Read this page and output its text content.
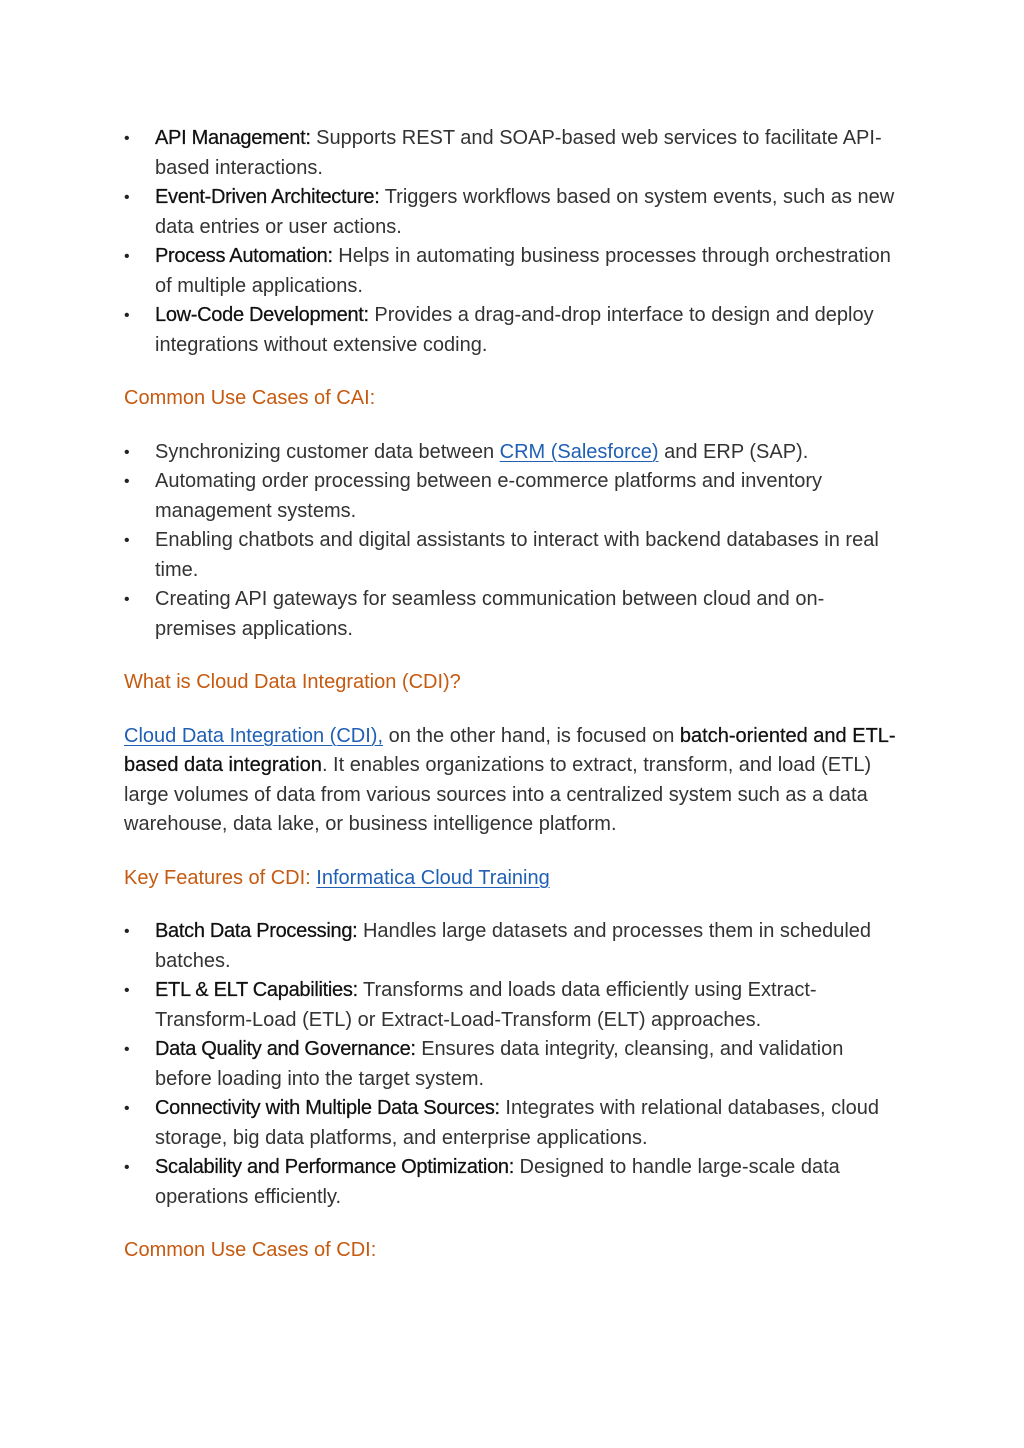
• API Management: Supports REST and SOAP-based web services to facilitate API-based interactions.
• Event-Driven Architecture: Triggers workflows based on system events, such as new data entries or user actions.
• Process Automation: Helps in automating business processes through orchestration of multiple applications.
• Low-Code Development: Provides a drag-and-drop interface to design and deploy integrations without extensive coding.
Common Use Cases of CAI:
• Synchronizing customer data between CRM (Salesforce) and ERP (SAP).
• Automating order processing between e-commerce platforms and inventory management systems.
• Enabling chatbots and digital assistants to interact with backend databases in real time.
• Creating API gateways for seamless communication between cloud and on-premises applications.
What is Cloud Data Integration (CDI)?

Cloud Data Integration (CDI), on the other hand, is focused on batch-oriented and ETL-based data integration. It enables organizations to extract, transform, and load (ETL) large volumes of data from various sources into a centralized system such as a data warehouse, data lake, or business intelligence platform.

Key Features of CDI: Informatica Cloud Training
• Batch Data Processing: Handles large datasets and processes them in scheduled batches.
• ETL & ELT Capabilities: Transforms and loads data efficiently using Extract-Transform-Load (ETL) or Extract-Load-Transform (ELT) approaches.
• Data Quality and Governance: Ensures data integrity, cleansing, and validation before loading into the target system.
• Connectivity with Multiple Data Sources: Integrates with relational databases, cloud storage, big data platforms, and enterprise applications.
• Scalability and Performance Optimization: Designed to handle large-scale data operations efficiently.
Common Use Cases of CDI:
